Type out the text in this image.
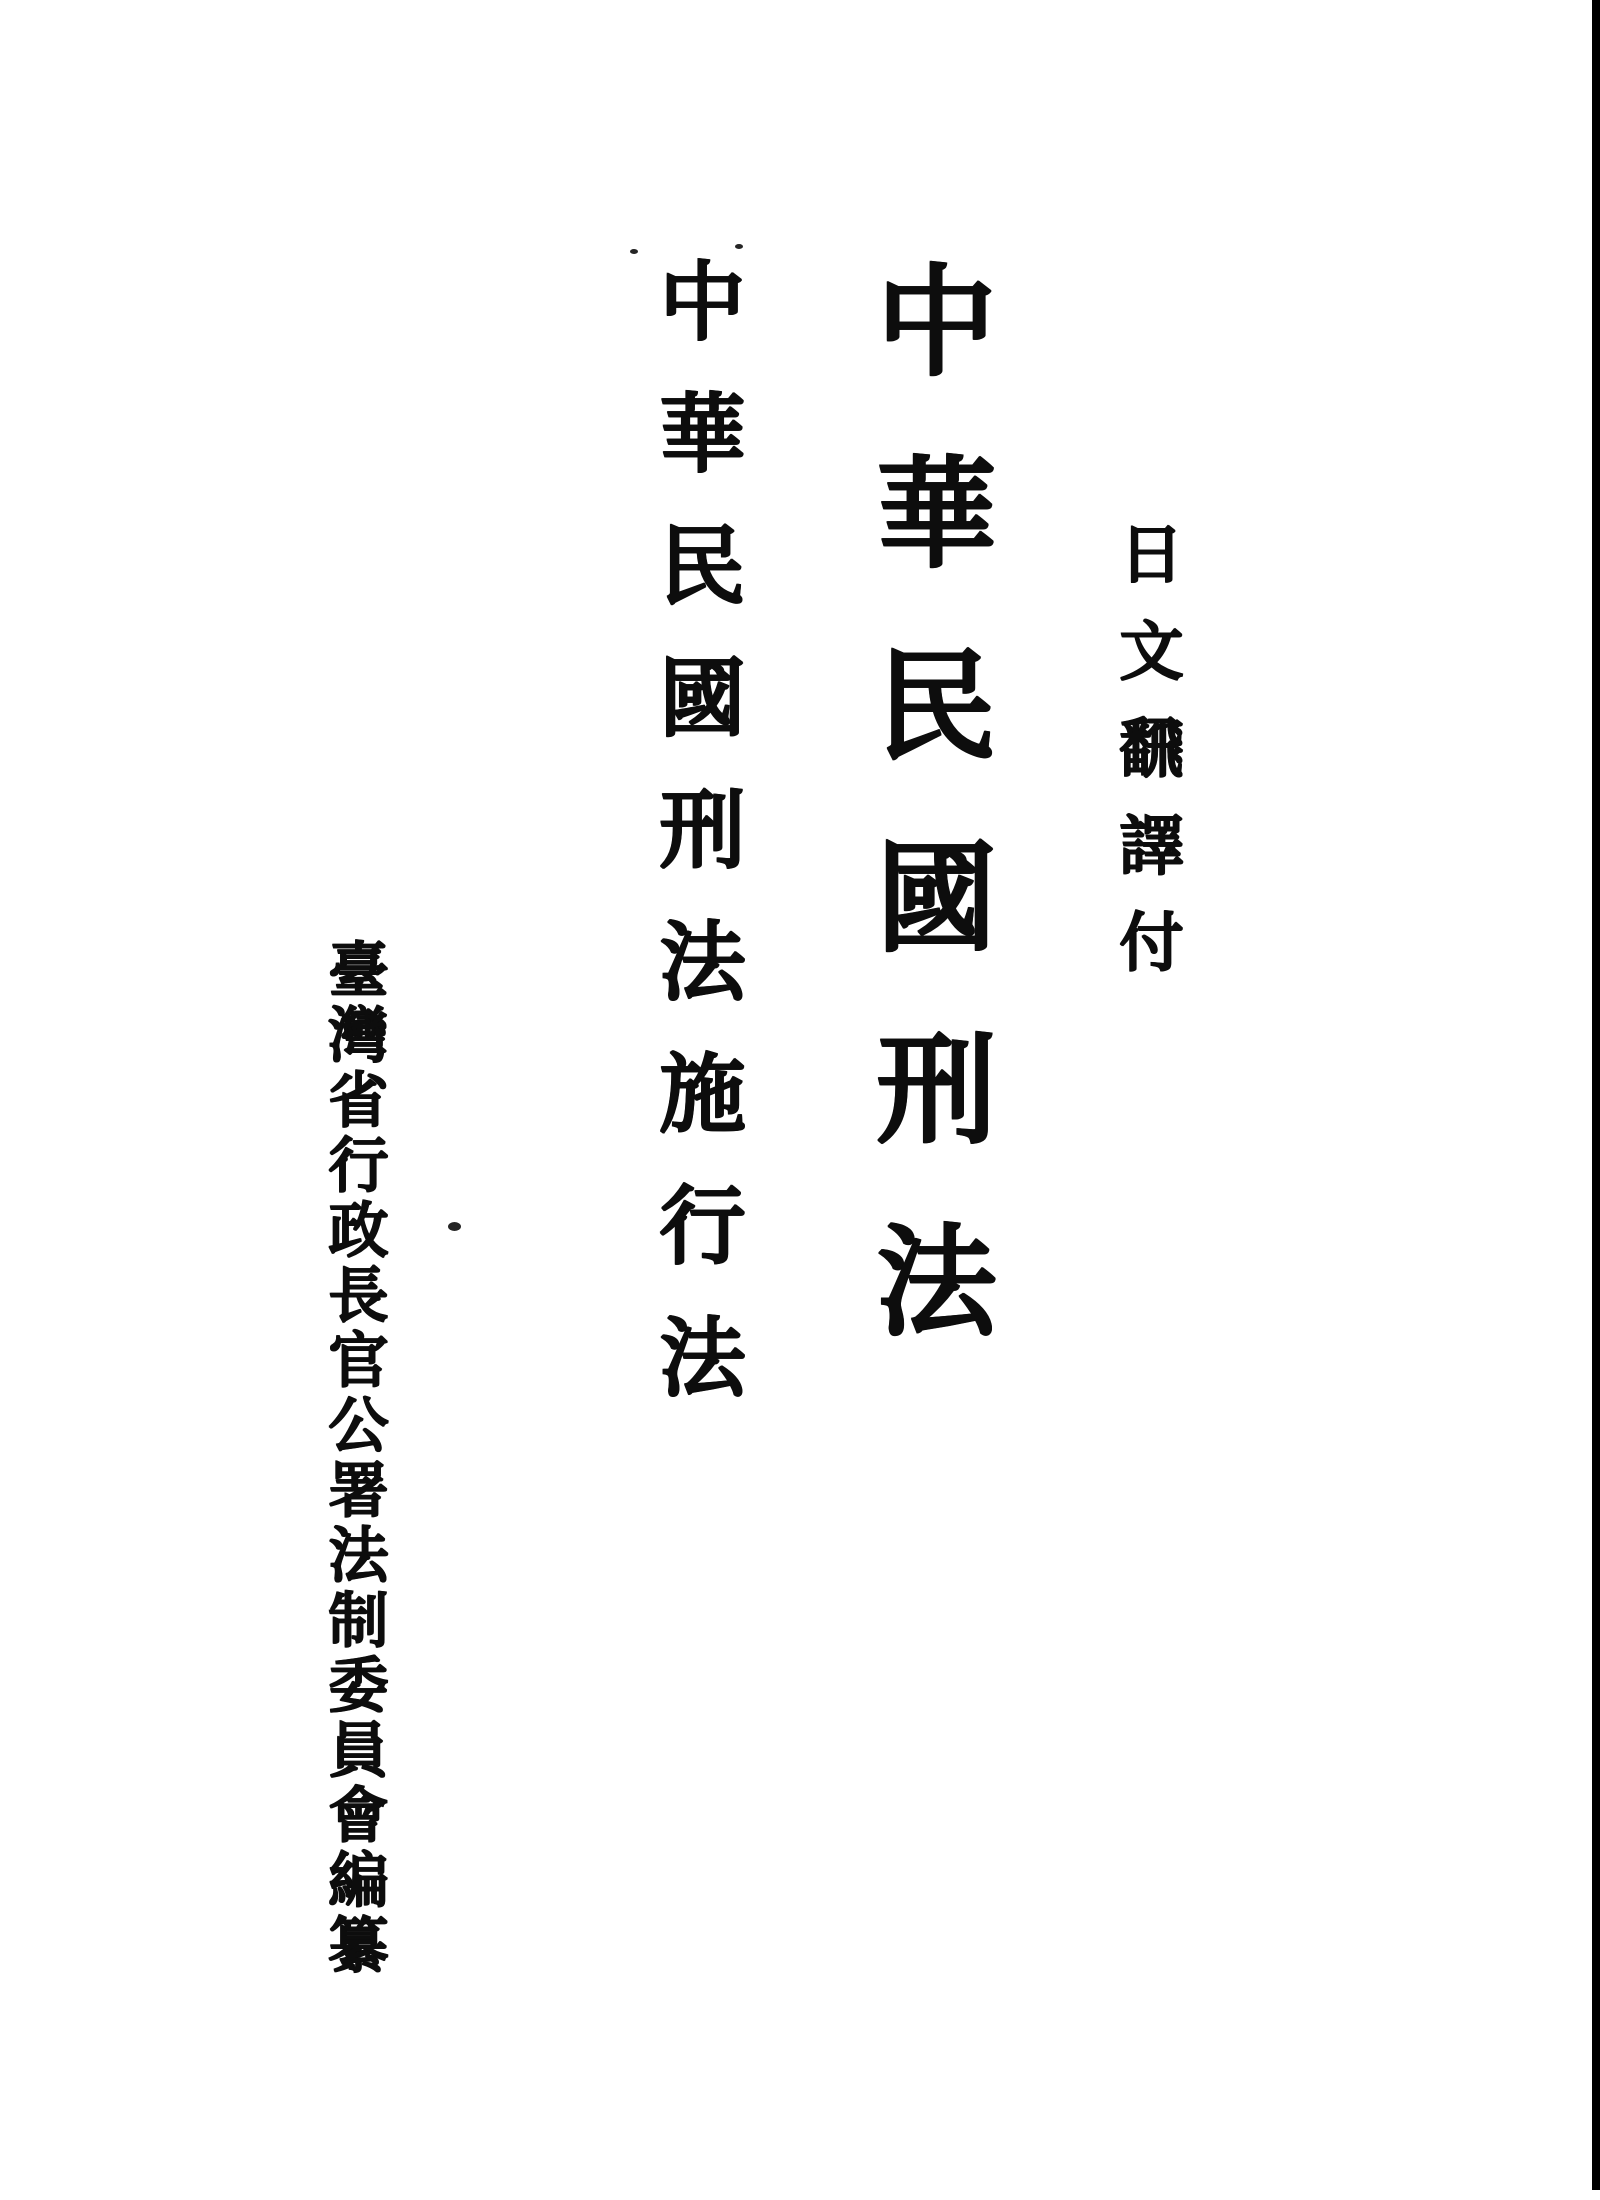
中華民國刑法施行法 中華民國刑法 日文飜譯付
臺灣省行政長官公署法制委員會編纂
